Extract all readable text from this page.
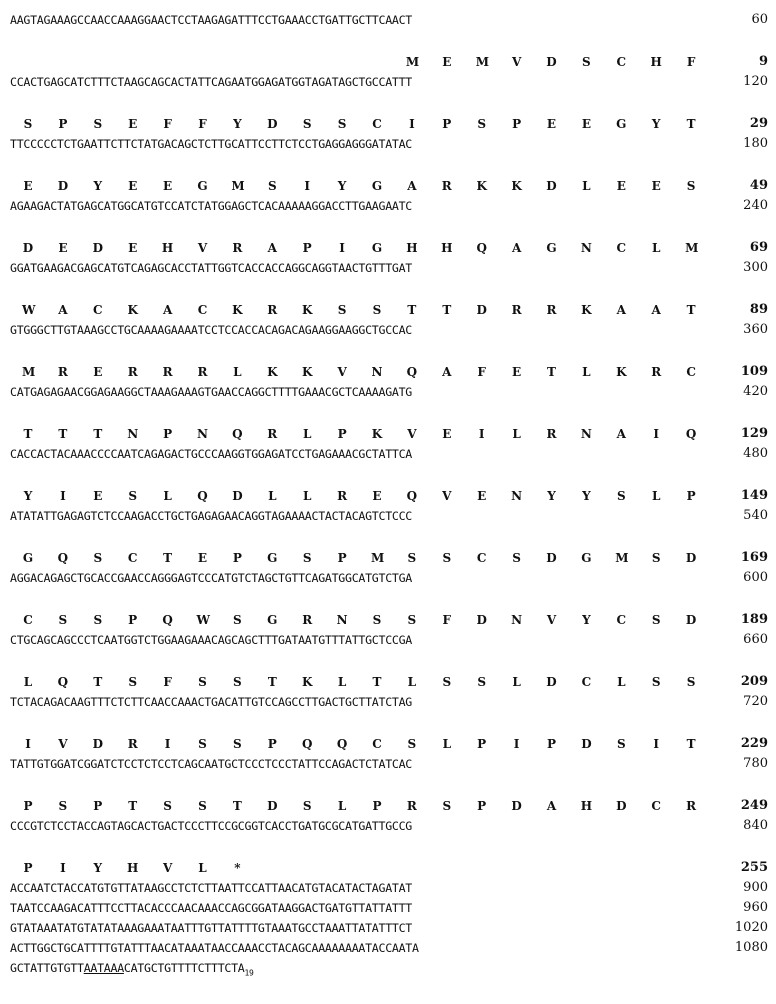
AAGTAGAAAGCCAACCAAAGGAACTCCTAAGAGATTTCCTGAAACCTGATTGCTTCAACT	60
M E M V D S C H F	9
CCACTGAGCATCTTTCTAAGCAGCACTATTCAGAATGGAGATGGTAGATAGCTGCCATTT	120
S P S E F F Y D S S C I P S P E E G Y T	29
TTCCCCCTCTGAATTCTTCTATGACAGCTCTTGCATTCCTTCTCCTGAGGAGGGATATAC	180
E D Y E E G M S I Y G A R K K D L E E S	49
AGAAGACTATGAGCATGGCATGTCCATCTATGGAGCTCACAAAAAGGACCTTGAAGAATC	240
D E D E H V R A P I G H H Q A G N C L M	69
GGATGAAGACGAGCATGTCAGAGCACCTATTGGTCACCACCAGGCAGGTAACTGTTTGAT	300
W A C K A C K R K S S T T D R R K A A T	89
GTGGGCTTGTAAAGCCTGCAAAAGAAAATCCTCCACCACAGACAGAAGGAAGGCTGCCAC	360
M R E R R R L K K V N Q A F E T L K R C	109
CATGAGAGAACGGAGAAGGCTAAAGAAAGTGAACCAGGCTTTTGAAACGCTCAAAAGATG	420
T T T N P N Q R L P K V E I L R N A I Q	129
CACCACTACAAACCCCAATCAGAGACTGCCCAAGGTGGAGATCCTGAGAAACGCTATTCA	480
Y I E S L Q D L L R E Q V E N Y Y S L P	149
ATATATTGAGAGTCTCCAAGACCTGCTGAGAGAACAGGTAGAAAACTACTACAGTCTCCC	540
G Q S C T E P G S P M S S C S D G M S D	169
AGGACAGAGCTGCACCGAACCAGGGAGTCCCATGTCTAGCTGTTCAGATGGCATGTCTGA	600
C S S P Q W S G R N S S F D N V Y C S D	189
CTGCAGCAGCCCTCAATGGTCTGGAAGAAACAGCAGCTTTGATAATGTTTATTGCTCCGA	660
L Q T S F S S T K L T L S S L D C L S S	209
TCTACAGACAAGTTTCTCTTCAACCAAACTGACATTGTCCAGCCTTGACTGCTTATCTAG	720
I V D R I S S P Q Q C S L P I P D S I T	229
TATTGTGGATCGGATCTCCTCTCCTCAGCAATGCTCCCTCCCTATTCCAGACTCTATCAC	780
P S P T S S T D S L P R S P D A H D C R	249
CCCGTCTCCTACCAGTAGCACTGACTCCCTTCCGCGGTCACCTGATGCGCATGATTGCCG	840
P I Y H V L *	255
ACCAATCTACCATGTGTTATAAGCCTCTCTTAATTCCATTAACATGTACATACTAGATAT	900
TAATCCAAGACATTTCCTTACACCCAACAAACCAGCGGATAAGGACTGATGTTATTATTT	960
GTATAAATATGTATATAAAGAAATAATTTGTTATTTTGTAAATGCCTAAATTATATTTCT	1020
ACTTGGCTGCATTTTGTATTTAACATAAATAACCAAACCTACAGCAAAAAAAATACCAATA	1080
$GCTATTGTGTTAATAAACATGCTGTTTTCTTTCTA_{19}$
